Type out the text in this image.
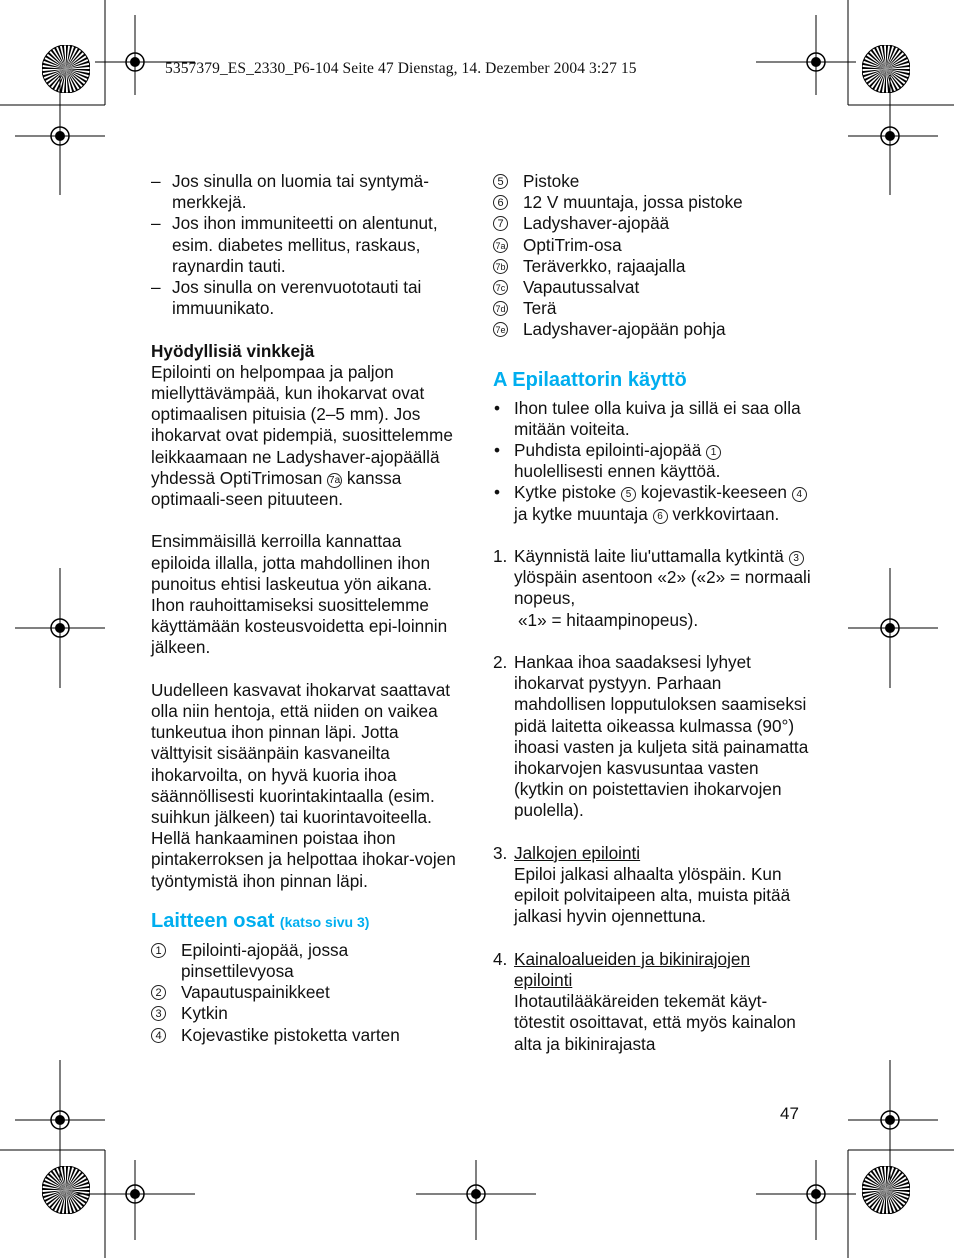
5357379_ES_2330_P6-104 Seite 47 Dienstag, 14. Dezember 2004 3:27 15
– Jos sinulla on luomia tai syntymä-merkkejä.
– Jos ihon immuniteetti on alentunut, esim. diabetes mellitus, raskaus, raynardin tauti.
– Jos sinulla on verenvuototauti tai immuunikato.
Hyödyllisiä vinkkejä

Epilointi on helpompaa ja paljon miellyttävämpää, kun ihokarvat ovat optimaalisen pituisia (2–5 mm). Jos ihokarvat ovat pidempiä, suosittelemme leikkaamaan ne Ladyshaver-ajopäällä yhdessä OptiTrimosan 7a kanssa optimaali-seen pituuteen.

Ensimmäisillä kerroilla kannattaa epiloida illalla, jotta mahdollinen ihon punoitus ehtisi laskeutua yön aikana. Ihon rauhoittamiseksi suosittelemme käyttämään kosteusvoidetta epi-loinnin jälkeen.

Uudelleen kasvavat ihokarvat saattavat olla niin hentoja, että niiden on vaikea tunkeutua ihon pinnan läpi. Jotta välttyisit sisäänpäin kasvaneilta ihokarvoilta, on hyvä kuoria ihoa säännöllisesti kuorintakintaalla (esim. suihkun jälkeen) tai kuorintavoiteella. Hellä hankaaminen poistaa ihon pintakerroksen ja helpottaa ihokar-vojen työntymistä ihon pinnan läpi.

Laitteen osat (katso sivu 3)
1 Epilointi-ajopää, jossa pinsettilevyosa
2 Vapautuspainikkeet
3 Kytkin
4 Kojevastike pistoketta varten
5 Pistoke
6 12 V muuntaja, jossa pistoke
7 Ladyshaver-ajopää
7a OptiTrim-osa
7b Teräverkko, rajaajalla
7c Vapautussalvat
7d Terä
7e Ladyshaver-ajopään pohja
A Epilaattorin käyttö
• Ihon tulee olla kuiva ja sillä ei saa olla mitään voiteita.
• Puhdista epilointi-ajopää 1 huolellisesti ennen käyttöä.
• Kytke pistoke 5 kojevastik-keeseen 4 ja kytke muuntaja 6 verkkovirtaan.
1. Käynnistä laite liu'uttamalla kytkintä 3 ylöspäin asentoon «2» («2» = normaali nopeus,
«1» = hitaampinopeus).
2. Hankaa ihoa saadaksesi lyhyet ihokarvat pystyyn. Parhaan mahdollisen lopputuloksen saamiseksi pidä laitetta oikeassa kulmassa (90°) ihoasi vasten ja kuljeta sitä painamatta ihokarvojen kasvusuntaa vasten (kytkin on poistettavien ihokarvojen puolella).
3. Jalkojen epilointi
Epiloi jalkasi alhaalta ylöspäin. Kun epiloit polvitaipeen alta, muista pitää jalkasi hyvin ojennettuna.
4. Kainaloalueiden ja bikinirajojen epilointi
Ihotautilääkäreiden tekemät käyt-tötestit osoittavat, että myös kainalon alta ja bikinirajasta
47
